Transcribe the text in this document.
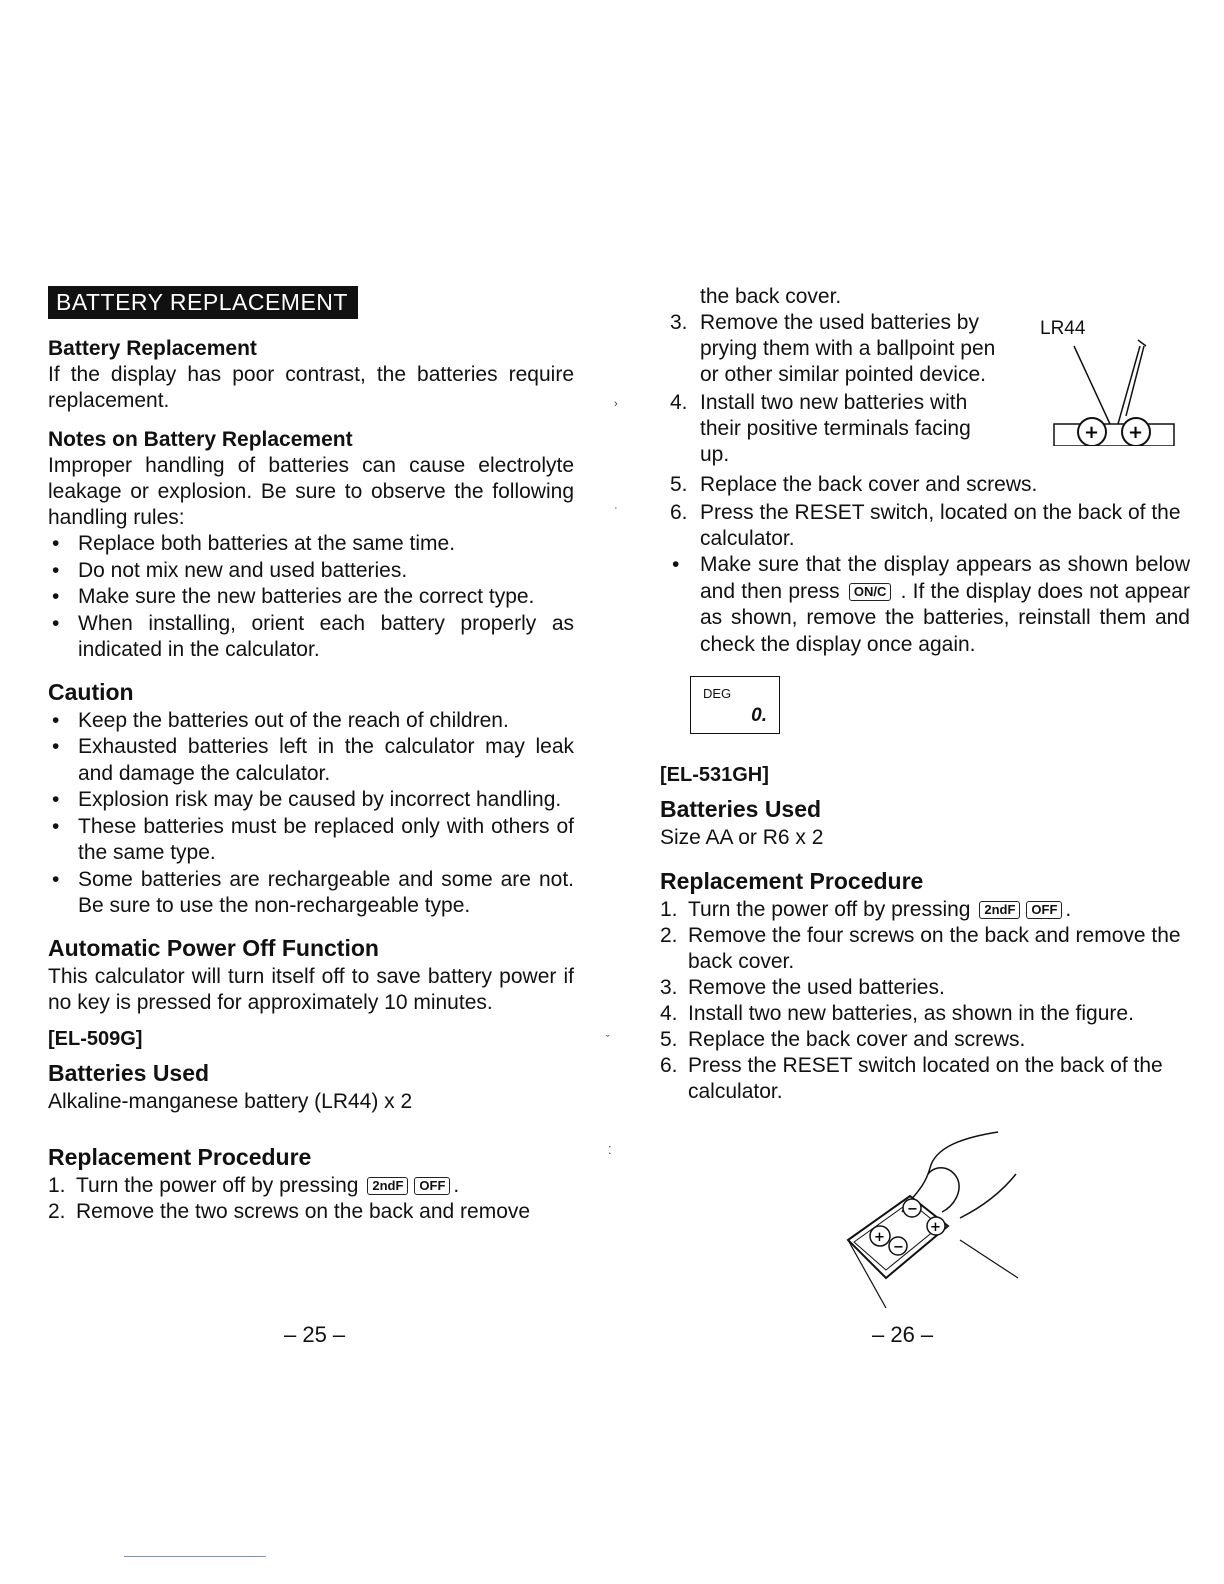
BATTERY REPLACEMENT
Battery Replacement

If the display has poor contrast, the batteries require replacement.

Notes on Battery Replacement

Improper handling of batteries can cause electrolyte leakage or explosion. Be sure to observe the following handling rules:

• Replace both batteries at the same time.
• Do not mix new and used batteries.
• Make sure the new batteries are the correct type.
• When installing, orient each battery properly as indicated in the calculator.
Caution
• Keep the batteries out of the reach of children.
• Exhausted batteries left in the calculator may leak and damage the calculator.
• Explosion risk may be caused by incorrect handling.
• These batteries must be replaced only with others of the same type.
• Some batteries are rechargeable and some are not. Be sure to use the non-rechargeable type.
Automatic Power Off Function

This calculator will turn itself off to save battery power if no key is pressed for approximately 10 minutes.

[EL-509G]
Batteries Used

Alkaline-manganese battery (LR44) x 2

Replacement Procedure
1. Turn the power off by pressing 2ndF OFF .
2. Remove the two screws on the back and remove
– 25 –

the back cover.

3. Remove the used batteries by prying them with a ballpoint pen or other similar pointed device.
4. Install two new batteries with their positive terminals facing up.
LR44
+ +
5. Replace the back cover and screws.
6. Press the RESET switch, located on the back of the calculator.
• Make sure that the display appears as shown below and then press ON/C . If the display does not appear as shown, remove the batteries, reinstall them and check the display once again.
DEG
0.
[EL-531GH]
Batteries Used

Size AA or R6 x 2

Replacement Procedure
1. Turn the power off by pressing 2ndF OFF .
2. Remove the four screws on the back and remove the back cover.
3. Remove the used batteries.
4. Install two new batteries, as shown in the figure.
5. Replace the back cover and screws.
6. Press the RESET switch located on the back of the calculator.
+
−
−
+
– 26 –
›
·
ˇ
⁚
